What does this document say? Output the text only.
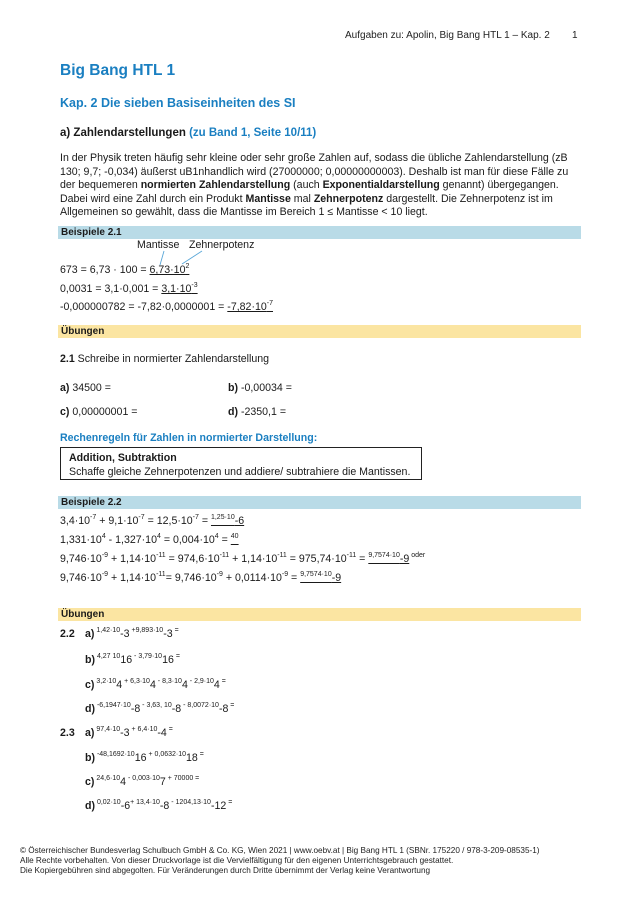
Aufgaben zu: Apolin, Big Bang HTL 1 – Kap. 2 1
Big Bang HTL 1
Kap. 2 Die sieben Basiseinheiten des SI
a) Zahlendarstellungen (zu Band 1, Seite 10/11)
In der Physik treten häufig sehr kleine oder sehr große Zahlen auf, sodass die übliche Zahlendarstellung (zB 130; 9,7; -0,034) äußerst uB1nhandlich wird (27000000; 0,00000000003). Deshalb ist man für diese Fälle zu der bequemeren normierten Zahlendarstellung (auch Exponentialdarstellung genannt) übergegangen. Dabei wird eine Zahl durch ein Produkt Mantisse mal Zehnerpotenz dargestellt. Die Zehnerpotenz ist im Allgemeinen so gewählt, dass die Mantisse im Bereich 1 ≤ Mantisse < 10 liegt.
Beispiele 2.1
Mantisse Zehnerpotenz
$673 = 6,73 \cdot 100 = 6,73\cdot 10^2$
$0,0031 = 3,1\cdot 0,001 = 3,1\cdot 10^{-3}$
$-0,000000782 = -7,82\cdot 0,0000001 = -7,82\cdot 10^{-7}$
Übungen
2.1 Schreibe in normierter Zahlendarstellung
a) 34500 =	b) -0,00034 =
c) 0,00000001 =	d) -2350,1 =
Rechenregeln für Zahlen in normierter Darstellung:
Addition, Subtraktion
Schaffe gleiche Zehnerpotenzen und addiere/ subtrahiere die Mantissen.
Beispiele 2.2
$3,4\cdot 10^{-7} + 9,1\cdot 10^{-7} = 12,5\cdot 10^{-7} = ^{1,25\cdot 10}-6$
$1,331\cdot 10^4 - 1,327\cdot 10^4 = 0,004\cdot 10^4 = ^{40}$
$9,746\cdot 10^{-9} + 1,14\cdot 10^{-11} = 974,6\cdot 10^{-11} + 1,14\cdot 10^{-11} = 975,74\cdot 10^{-11} = ^{9,7574\cdot 10}-9$ $^{oder}$
$9,746\cdot 10^{-9} + 1,14\cdot 10^{-11}= 9,746\cdot 10^{-9} + 0,0114\cdot 10^{-9} = ^{9,7574\cdot 10}-9$
Übungen
2.2 a) $^{1,42\cdot 10}$-3 $^{+9,893\cdot 10}$-3 =
b) $^{4,27 10}$16 $^{- 3,79\cdot 10}$16 =
c) $^{3,2\cdot 10}$4 $^{+ 6,3\cdot 10}$4 $^{- 8,3\cdot 10}$4 $^{- 2,9\cdot 10}$4 =
d) $^{-6,1947\cdot 10}$-8 $^{- 3,63, 10}$-8 $^{- 8,0072\cdot 10}$-8 =
2.3 a) $^{97,4\cdot 10}$-3 $^{+ 6,4\cdot 10}$-4 =
b) $^{-48,1692\cdot 10}$16 $^{+ 0,0632\cdot 10}$18 =
c) $^{24,6\cdot 10}$4 $^{- 0,003\cdot 10}$7 $^{+ 70000 =}$
d) $^{0,02\cdot 10}-6^{+ 13,4\cdot 10}-8$ $^{- 1204,13\cdot 10}$-12 =
© Österreichischer Bundesverlag Schulbuch GmbH & Co. KG, Wien 2021 | www.oebv.at | Big Bang HTL 1 (SBNr. 175220 / 978-3-209-08535-1)
Alle Rechte vorbehalten. Von dieser Druckvorlage ist die Vervielfältigung für den eigenen Unterrichtsgebrauch gestattet.
Die Kopiergebühren sind abgegolten. Für Veränderungen durch Dritte übernimmt der Verlag keine Verantwortung
